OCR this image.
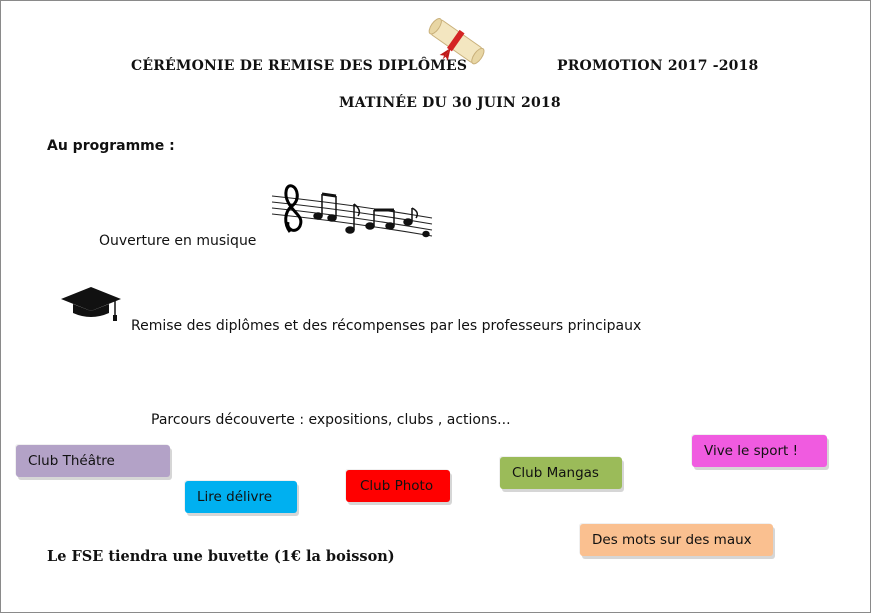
CÉRÉMONIE DE REMISE DES DIPLÔMES	PROMOTION 2017 -2018
MATINÉE DU 30 JUIN 2018
Au programme :
Ouverture en musique
Remise des diplômes et des récompenses par les professeurs principaux
Parcours découverte : expositions, clubs , actions...
Club Théâtre
Lire délivre
Club Photo
Club Mangas
Vive le sport !
Des mots sur des maux
Le FSE tiendra une buvette (1€ la boisson)
